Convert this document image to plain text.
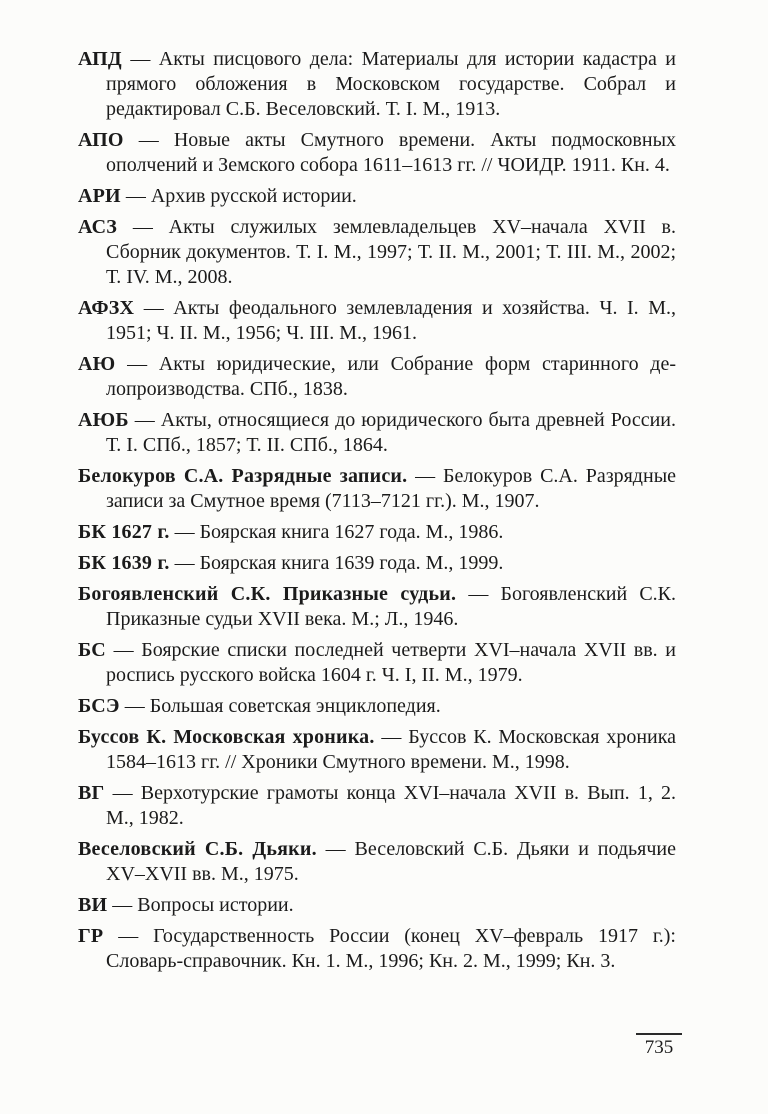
АПД — Акты писцового дела: Материалы для истории кадастра и прямого обложения в Московском государстве. Собрал и редактировал С.Б. Веселовский. Т. I. М., 1913.

АПО — Новые акты Смутного времени. Акты подмосковных ополчений и Земского собора 1611–1613 гг. // ЧОИДР. 1911. Кн. 4.

АРИ — Архив русской истории.

АСЗ — Акты служилых землевладельцев XV–начала XVII в. Сборник документов. Т. I. М., 1997; Т. II. М., 2001; Т. III. М., 2002; Т. IV. М., 2008.

АФЗХ — Акты феодального землевладения и хозяйства. Ч. I. М., 1951; Ч. II. М., 1956; Ч. III. М., 1961.

АЮ — Акты юридические, или Собрание форм старинного делопроизводства. СПб., 1838.

АЮБ — Акты, относящиеся до юридического быта древней России. Т. I. СПб., 1857; Т. II. СПб., 1864.

Белокуров С.А. Разрядные записи. — Белокуров С.А. Разрядные записи за Смутное время (7113–7121 гг.). М., 1907.

БК 1627 г. — Боярская книга 1627 года. М., 1986.

БК 1639 г. — Боярская книга 1639 года. М., 1999.

Богоявленский С.К. Приказные судьи. — Богоявленский С.К. Приказные судьи XVII века. М.; Л., 1946.

БС — Боярские списки последней четверти XVI–начала XVII вв. и роспись русского войска 1604 г. Ч. I, II. М., 1979.

БСЭ — Большая советская энциклопедия.

Буссов К. Московская хроника. — Буссов К. Московская хроника 1584–1613 гг. // Хроники Смутного времени. М., 1998.

ВГ — Верхотурские грамоты конца XVI–начала XVII в. Вып. 1, 2. М., 1982.

Веселовский С.Б. Дьяки. — Веселовский С.Б. Дьяки и подьячие XV–XVII вв. М., 1975.

ВИ — Вопросы истории.

ГР — Государственность России (конец XV–февраль 1917 г.): Словарь-справочник. Кн. 1. М., 1996; Кн. 2. М., 1999; Кн. 3.

735
